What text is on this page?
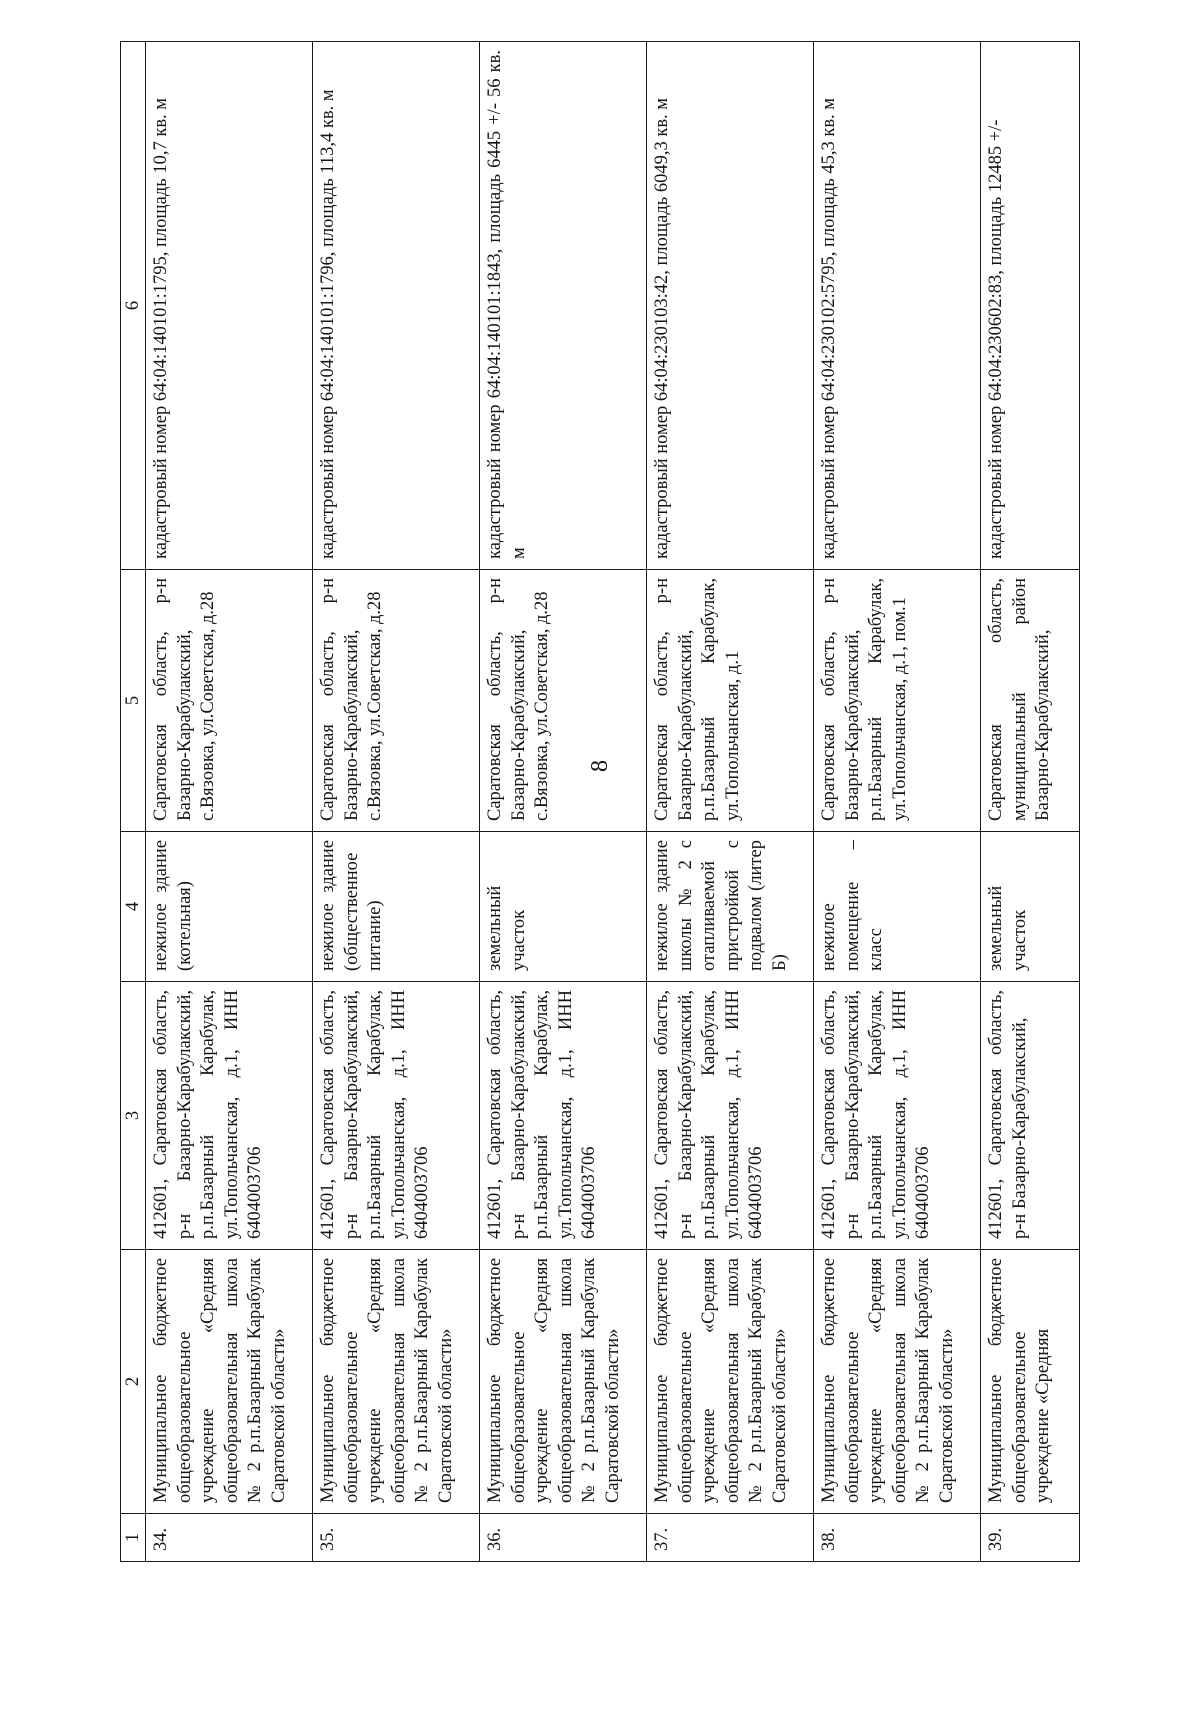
8
1	2	3	4	5	6
34.	Муниципальное бюджетное общеобразовательное учреждение «Средняя общеобразовательная школа № 2 р.п.Базарный Карабулак Саратовской области»	412601, Саратовская область, р-н Базарно-Карабулакский, р.п.Базарный Карабулак, ул.Топольчанская, д.1, ИНН 6404003706	нежилое здание (котельная)	Саратовская область, р-н Базарно-Карабулакский, с.Вязовка, ул.Советская, д.28	кадастровый номер 64:04:140101:1795, площадь 10,7 кв. м
35.	Муниципальное бюджетное общеобразовательное учреждение «Средняя общеобразовательная школа № 2 р.п.Базарный Карабулак Саратовской области»	412601, Саратовская область, р-н Базарно-Карабулакский, р.п.Базарный Карабулак, ул.Топольчанская, д.1, ИНН 6404003706	нежилое здание (общественное питание)	Саратовская область, р-н Базарно-Карабулакский, с.Вязовка, ул.Советская, д.28	кадастровый номер 64:04:140101:1796, площадь 113,4 кв. м
36.	Муниципальное бюджетное общеобразовательное учреждение «Средняя общеобразовательная школа № 2 р.п.Базарный Карабулак Саратовской области»	412601, Саратовская область, р-н Базарно-Карабулакский, р.п.Базарный Карабулак, ул.Топольчанская, д.1, ИНН 6404003706	земельный участок	Саратовская область, р-н Базарно-Карабулакский, с.Вязовка, ул.Советская, д.28	кадастровый номер 64:04:140101:1843, площадь 6445 +/- 56 кв. м
37.	Муниципальное бюджетное общеобразовательное учреждение «Средняя общеобразовательная школа № 2 р.п.Базарный Карабулак Саратовской области»	412601, Саратовская область, р-н Базарно-Карабулакский, р.п.Базарный Карабулак, ул.Топольчанская, д.1, ИНН 6404003706	нежилое здание школы № 2 с отапливаемой пристройкой с подвалом (литер Б)	Саратовская область, р-н Базарно-Карабулакский, р.п.Базарный Карабулак, ул.Топольчанская, д.1	кадастровый номер 64:04:230103:42, площадь 6049,3 кв. м
38.	Муниципальное бюджетное общеобразовательное учреждение «Средняя общеобразовательная школа № 2 р.п.Базарный Карабулак Саратовской области»	412601, Саратовская область, р-н Базарно-Карабулакский, р.п.Базарный Карабулак, ул.Топольчанская, д.1, ИНН 6404003706	нежилое помещение – класс	Саратовская область, р-н Базарно-Карабулакский, р.п.Базарный Карабулак, ул.Топольчанская, д.1, пом.1	кадастровый номер 64:04:230102:5795, площадь 45,3 кв. м
39.	Муниципальное бюджетное общеобразовательное учреждение «Средняя	412601, Саратовская область, р-н Базарно-Карабулакский,	земельный участок	Саратовская область, муниципальный район Базарно-Карабулакский,	кадастровый номер 64:04:230602:83, площадь 12485 +/-
